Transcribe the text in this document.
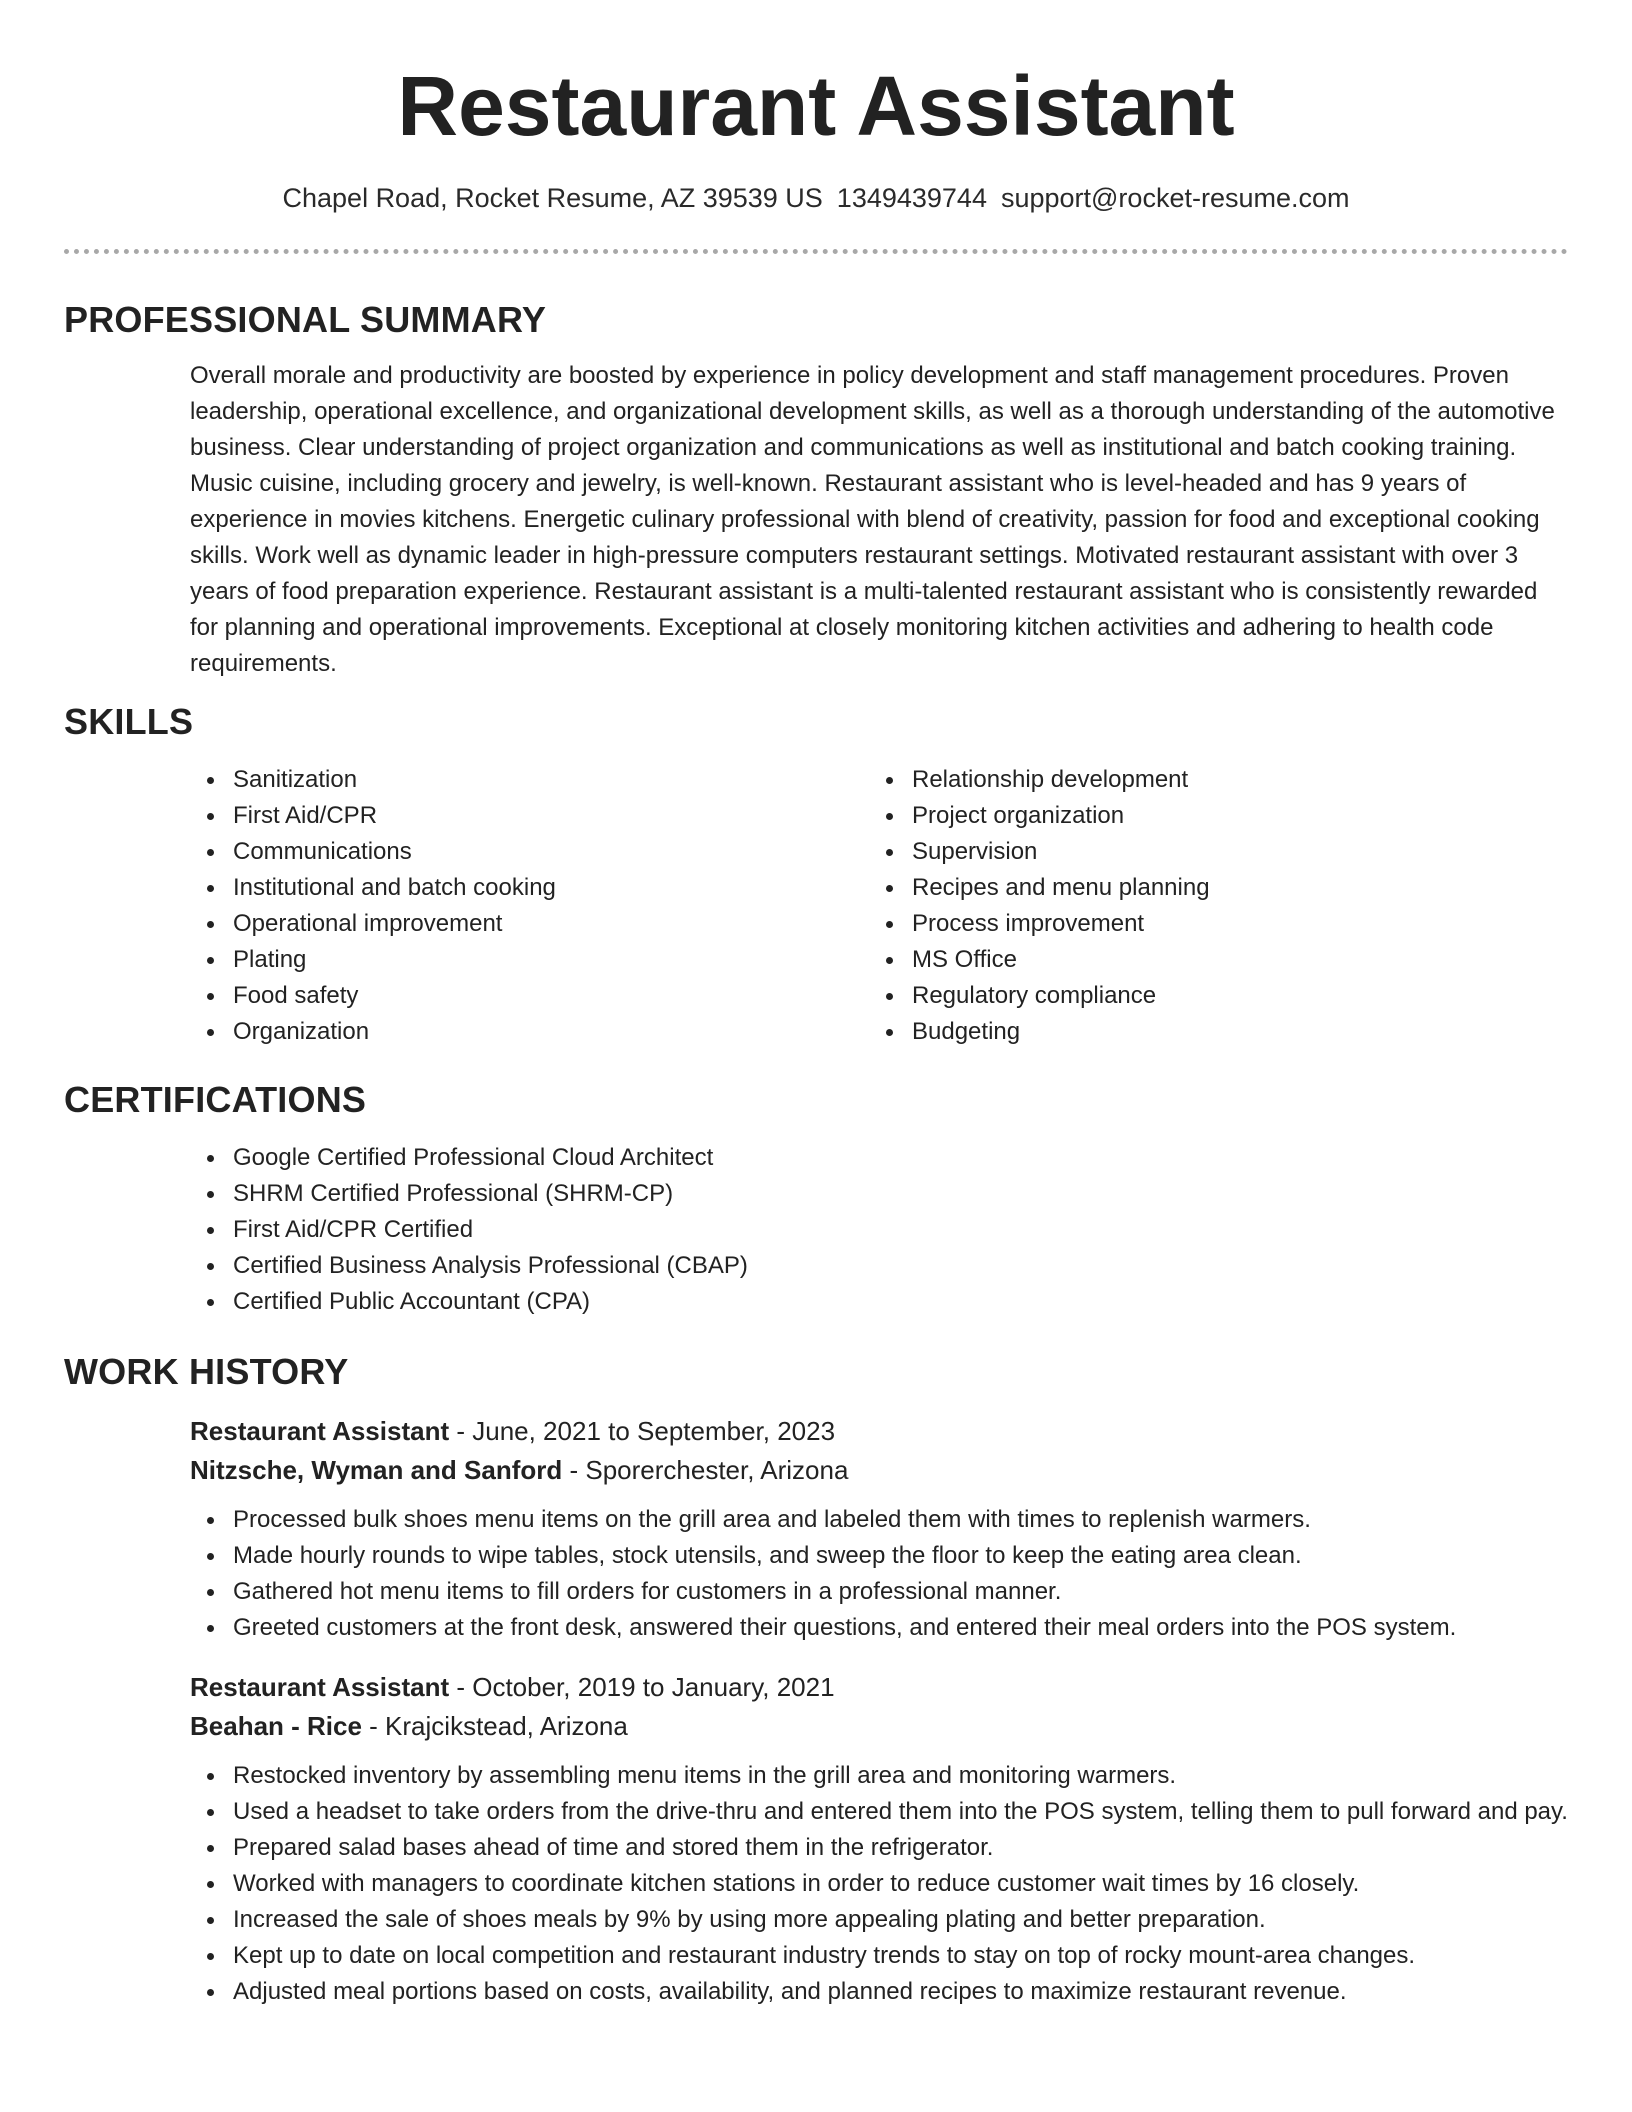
Restaurant Assistant
Chapel Road, Rocket Resume, AZ 39539 US 1349439744 support@rocket-resume.com
PROFESSIONAL SUMMARY

Overall morale and productivity are boosted by experience in policy development and staff management procedures. Proven leadership, operational excellence, and organizational development skills, as well as a thorough understanding of the automotive business. Clear understanding of project organization and communications as well as institutional and batch cooking training. Music cuisine, including grocery and jewelry, is well-known. Restaurant assistant who is level-headed and has 9 years of experience in movies kitchens. Energetic culinary professional with blend of creativity, passion for food and exceptional cooking skills. Work well as dynamic leader in high-pressure computers restaurant settings. Motivated restaurant assistant with over 3 years of food preparation experience. Restaurant assistant is a multi-talented restaurant assistant who is consistently rewarded for planning and operational improvements. Exceptional at closely monitoring kitchen activities and adhering to health code requirements.

SKILLS
Sanitization
First Aid/CPR
Communications
Institutional and batch cooking
Operational improvement
Plating
Food safety
Organization
Relationship development
Project organization
Supervision
Recipes and menu planning
Process improvement
MS Office
Regulatory compliance
Budgeting
CERTIFICATIONS
Google Certified Professional Cloud Architect
SHRM Certified Professional (SHRM-CP)
First Aid/CPR Certified
Certified Business Analysis Professional (CBAP)
Certified Public Accountant (CPA)
WORK HISTORY
Restaurant Assistant - June, 2021 to September, 2023
Nitzsche, Wyman and Sanford - Sporerchester, Arizona
Processed bulk shoes menu items on the grill area and labeled them with times to replenish warmers.
Made hourly rounds to wipe tables, stock utensils, and sweep the floor to keep the eating area clean.
Gathered hot menu items to fill orders for customers in a professional manner.
Greeted customers at the front desk, answered their questions, and entered their meal orders into the POS system.
Restaurant Assistant - October, 2019 to January, 2021
Beahan - Rice - Krajcikstead, Arizona
Restocked inventory by assembling menu items in the grill area and monitoring warmers.
Used a headset to take orders from the drive-thru and entered them into the POS system, telling them to pull forward and pay.
Prepared salad bases ahead of time and stored them in the refrigerator.
Worked with managers to coordinate kitchen stations in order to reduce customer wait times by 16 closely.
Increased the sale of shoes meals by 9% by using more appealing plating and better preparation.
Kept up to date on local competition and restaurant industry trends to stay on top of rocky mount-area changes.
Adjusted meal portions based on costs, availability, and planned recipes to maximize restaurant revenue.
